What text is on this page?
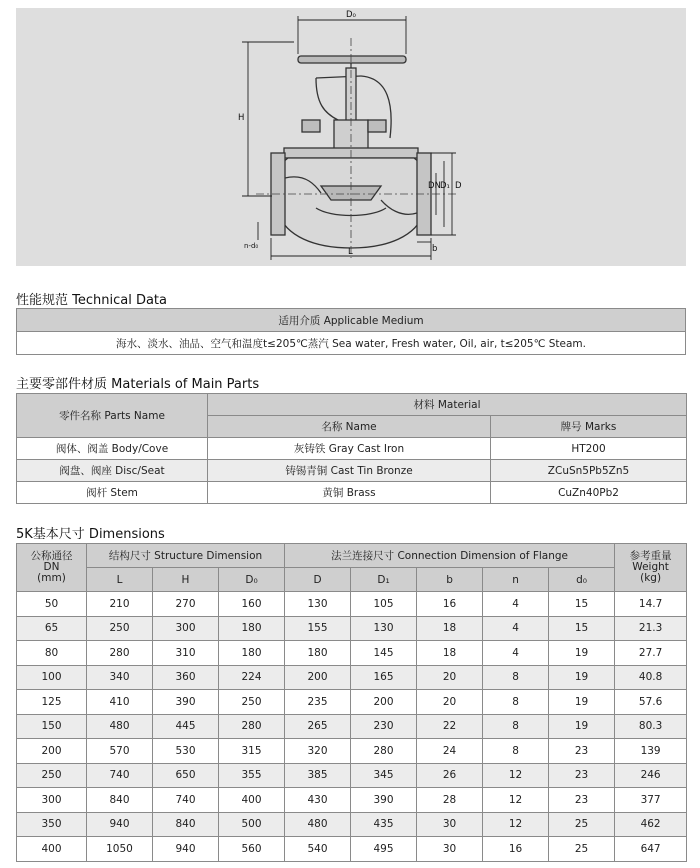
D₀
H
DN D₁ D
n-d₀
L	b
性能规范 Technical Data
适用介质 Applicable Medium
海水、淡水、油品、空气和温度t≤205℃蒸汽 Sea water, Fresh water, Oil, air, t≤205℃ Steam.
主要零部件材质 Materials of Main Parts
零件名称 Parts Name	材料 Material	
	名称 Name	牌号 Marks
阀体、阀盖 Body/Cove	灰铸铁 Gray Cast Iron	HT200
阀盘、阀座 Disc/Seat	铸锡青铜 Cast Tin Bronze	ZCuSn5Pb5Zn5
阀杆 Stem	黄铜 Brass	CuZn40Pb2
5K基本尺寸 Dimensions
公称通径
DN
(mm)	结构尺寸 Structure Dimension			法兰连接尺寸 Connection Dimension of Flange					参考重量
Weight
(kg)
	L	H	D₀	D	D₁	b	n	d₀	
50	210	270	160	130	105	16	4	15	14.7
65	250	300	180	155	130	18	4	15	21.3
80	280	310	180	180	145	18	4	19	27.7
100	340	360	224	200	165	20	8	19	40.8
125	410	390	250	235	200	20	8	19	57.6
150	480	445	280	265	230	22	8	19	80.3
200	570	530	315	320	280	24	8	23	139
250	740	650	355	385	345	26	12	23	246
300	840	740	400	430	390	28	12	23	377
350	940	840	500	480	435	30	12	25	462
400	1050	940	560	540	495	30	16	25	647
